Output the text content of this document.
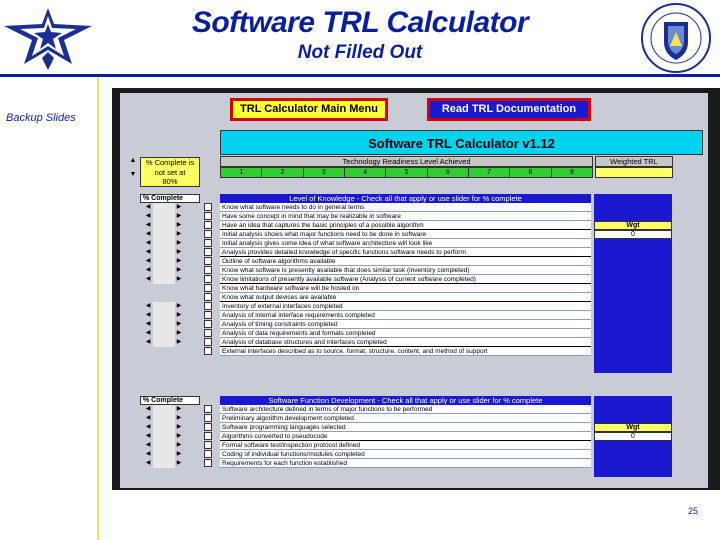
Software TRL Calculator
Not Filled Out
Backup Slides
TRL Calculator Main Menu	Read TRL Documentation
Software TRL Calculator v1.12
▲
▼
% Complete is not set at
80%
Technology Readiness Level Achieved
1	2	3	4	5	6	7	8	9
Weighted TRL
% Complete	Level of Knowledge - Check all that apply or use slider for % complete
Wgt
0
◀	▶	Know what software needs to do in general terms
◀	▶	Have some concept in mind that may be realizable in software
◀	▶	Have an idea that captures the basic principles of a possible algorithm
◀	▶	Initial analysis shows what major functions need to be done in software
◀	▶	Initial analysis gives some idea of what software architecture will look like
◀	▶	Analysis provides detailed knowledge of specific functions software needs to perform
◀	▶	Outline of software algorithms available
◀	▶	Know what software is presently available that does similar task (inventory completed)
◀	▶	Know limitations of presently available software (Analysis of current software completed)
Know what hardware software will be hosted on
Know what output devices are available
◀	▶	Inventory of external interfaces completed
◀	▶	Analysis of internal interface requirements completed
◀	▶	Analysis of timing constraints completed
◀	▶	Analysis of data requirements and formats completed
◀	▶	Analysis of database structures and interfaces completed
External interfaces described as to source, format, structure, content, and method of support
% Complete	Software Function Development - Check all that apply or use slider for % complete
Wgt
0
◀	▶	Software architecture defined in terms of major functions to be performed
◀	▶	Preliminary algorithm development completed
◀	▶	Software programming languages selected
◀	▶	Algorithms converted to pseudocode
◀	▶	Formal software test/inspection protocol defined
◀	▶	Coding of individual functions/modules completed
◀	▶	Requirements for each function established
25
